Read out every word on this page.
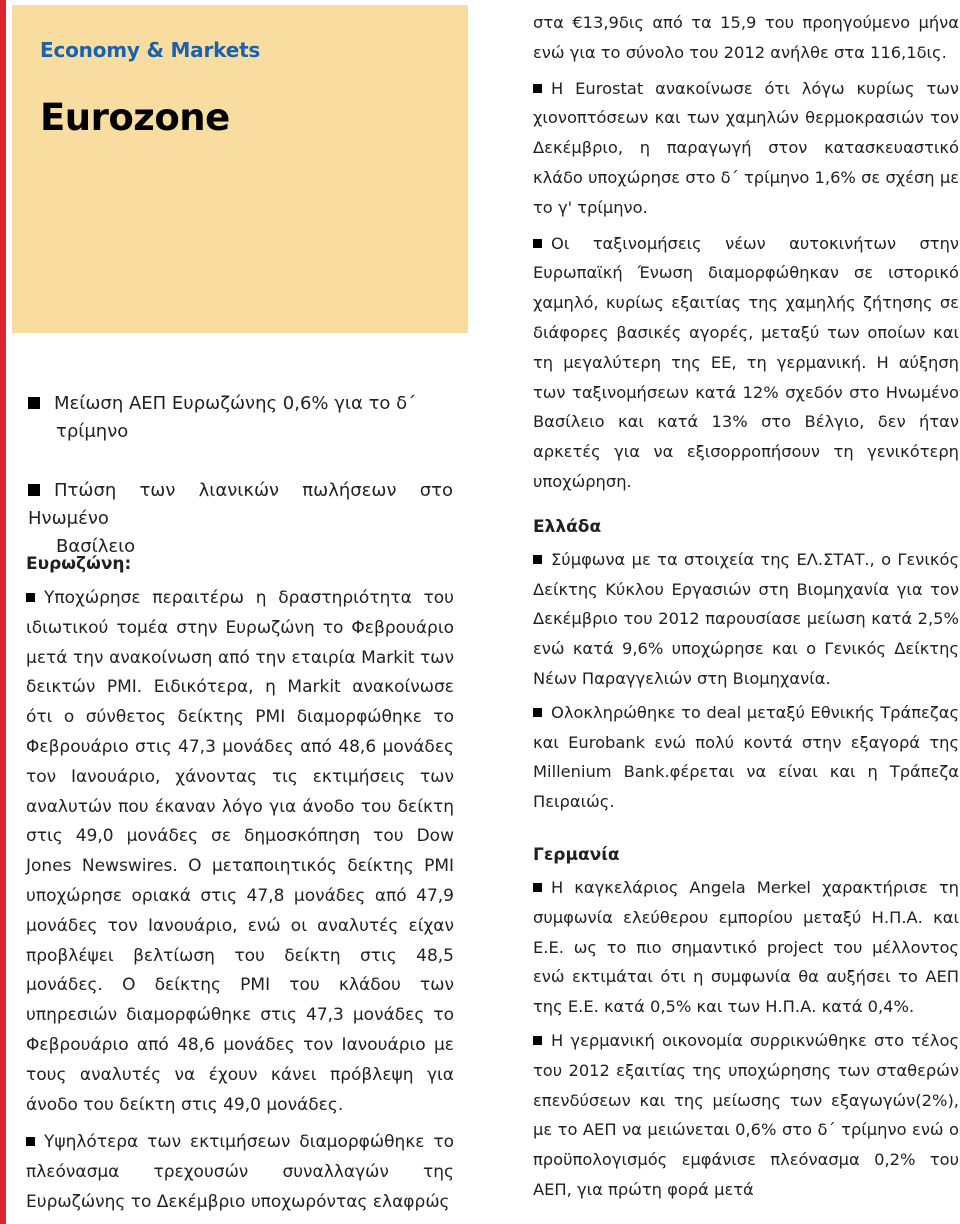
Economy & Markets
Eurozone
Μείωση ΑΕΠ Ευρωζώνης 0,6% για το δ΄
τρίμηνο
Πτώση των λιανικών πωλήσεων στο Ηνωμένο
Βασίλειο

Ευρωζώνη:

Υποχώρησε περαιτέρω η δραστηριότητα του ιδιωτικού τομέα στην Ευρωζώνη το Φεβρουάριο μετά την ανακοίνωση από την εταιρία Markit των δεικτών PMI. Ειδικότερα, η Markit ανακοίνωσε ότι ο σύνθετος δείκτης PMI διαμορφώθηκε το Φεβρουάριο στις 47,3 μονάδες από 48,6 μονάδες τον Ιανουάριο, χάνοντας τις εκτιμήσεις των αναλυτών που έκαναν λόγο για άνοδο του δείκτη στις 49,0 μονάδες σε δημοσκόπηση του Dow Jones Newswires. Ο μεταποιητικός δείκτης PMI υποχώρησε οριακά στις 47,8 μονάδες από 47,9 μονάδες τον Ιανουάριο, ενώ οι αναλυτές είχαν προβλέψει βελτίωση του δείκτη στις 48,5 μονάδες. Ο δείκτης PMI του κλάδου των υπηρεσιών διαμορφώθηκε στις 47,3 μονάδες το Φεβρουάριο από 48,6 μονάδες τον Ιανουάριο με τους αναλυτές να έχουν κάνει πρόβλεψη για άνοδο του δείκτη στις 49,0 μονάδες.

Υψηλότερα των εκτιμήσεων διαμορφώθηκε το πλεόνασμα τρεχουσών συναλλαγών της Ευρωζώνης το Δεκέμβριο υποχωρόντας ελαφρώς

στα €13,9δις από τα 15,9 του προηγούμενο μήνα ενώ για το σύνολο του 2012 ανήλθε στα 116,1δις.

Η Eurostat ανακοίνωσε ότι λόγω κυρίως των χιονοπτόσεων και των χαμηλών θερμοκρασιών τον Δεκέμβριο, η παραγωγή στον κατασκευαστικό κλάδο υποχώρησε στο δ΄ τρίμηνο 1,6% σε σχέση με το γ' τρίμηνο.

Οι ταξινομήσεις νέων αυτοκινήτων στην Ευρωπαϊκή Ένωση διαμορφώθηκαν σε ιστορικό χαμηλό, κυρίως εξαιτίας της χαμηλής ζήτησης σε διάφορες βασικές αγορές, μεταξύ των οποίων και τη μεγαλύτερη της ΕΕ, τη γερμανική. Η αύξηση των ταξινομήσεων κατά 12% σχεδόν στο Ηνωμένο Βασίλειο και κατά 13% στο Βέλγιο, δεν ήταν αρκετές για να εξισορροπήσουν τη γενικότερη υποχώρηση.

Ελλάδα

Σύμφωνα με τα στοιχεία της ΕΛ.ΣΤΑΤ., ο Γενικός Δείκτης Κύκλου Εργασιών στη Βιομηχανία για τον Δεκέμβριο του 2012 παρουσίασε μείωση κατά 2,5% ενώ κατά 9,6% υποχώρησε και ο Γενικός Δείκτης Νέων Παραγγελιών στη Βιομηχανία.

Ολοκληρώθηκε το deal μεταξύ Εθνικής Τράπεζας και Eurobank ενώ πολύ κοντά στην εξαγορά της Millenium Bank.φέρεται να είναι και η Τράπεζα Πειραιώς.

Γερμανία

Η καγκελάριος Angela Merkel χαρακτήρισε τη συμφωνία ελεύθερου εμπορίου μεταξύ Η.Π.Α. και Ε.Ε. ως το πιο σημαντικό project του μέλλοντος ενώ εκτιμάται ότι η συμφωνία θα αυξήσει το ΑΕΠ της Ε.Ε. κατά 0,5% και των Η.Π.Α. κατά 0,4%.

Η γερμανική οικονομία συρρικνώθηκε στο τέλος του 2012 εξαιτίας της υποχώρησης των σταθερών επενδύσεων και της μείωσης των εξαγωγών(2%), με το ΑΕΠ να μειώνεται 0,6% στο δ΄ τρίμηνο ενώ ο προϋπολογισμός εμφάνισε πλεόνασμα 0,2% του ΑΕΠ, για πρώτη φορά μετά
